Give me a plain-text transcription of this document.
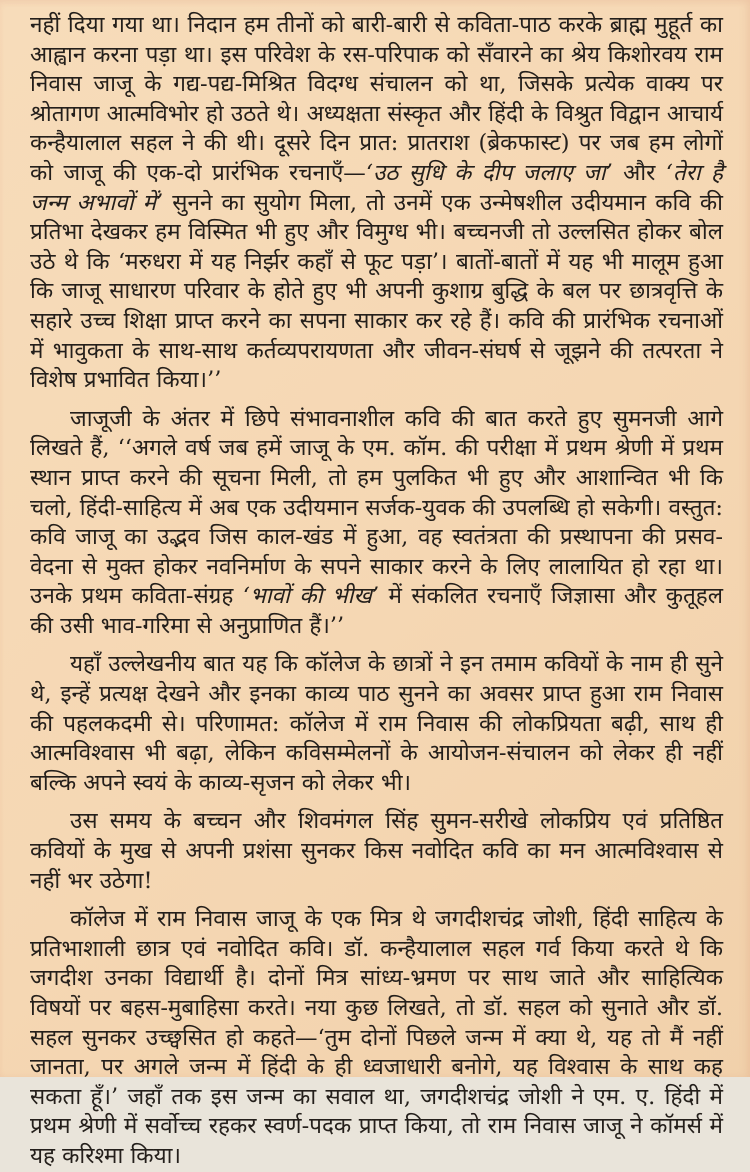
नहीं दिया गया था। निदान हम तीनों को बारी-बारी से कविता-पाठ करके ब्राह्म मुहूर्त का आह्वान करना पड़ा था। इस परिवेश के रस-परिपाक को सँवारने का श्रेय किशोरवय राम निवास जाजू के गद्य-पद्य-मिश्रित विदग्ध संचालन को था, जिसके प्रत्येक वाक्य पर श्रोतागण आत्मविभोर हो उठते थे। अध्यक्षता संस्कृत और हिंदी के विश्रुत विद्वान आचार्य कन्हैयालाल सहल ने की थी। दूसरे दिन प्रात: प्रातराश (ब्रेकफास्ट) पर जब हम लोगों को जाजू की एक-दो प्रारंभिक रचनाएँ—‘उठ सुधि के दीप जलाए जा’ और ‘तेरा है जन्म अभावों में’ सुनने का सुयोग मिला, तो उनमें एक उन्मेषशील उदीयमान कवि की प्रतिभा देखकर हम विस्मित भी हुए और विमुग्ध भी। बच्चनजी तो उल्लसित होकर बोल उठे थे कि ‘मरुधरा में यह निर्झर कहाँ से फूट पड़ा’। बातों-बातों में यह भी मालूम हुआ कि जाजू साधारण परिवार के होते हुए भी अपनी कुशाग्र बुद्धि के बल पर छात्रवृत्ति के सहारे उच्च शिक्षा प्राप्त करने का सपना साकार कर रहे हैं। कवि की प्रारंभिक रचनाओं में भावुकता के साथ-साथ कर्तव्यपरायणता और जीवन-संघर्ष से जूझने की तत्परता ने विशेष प्रभावित किया।’’

जाजूजी के अंतर में छिपे संभावनाशील कवि की बात करते हुए सुमनजी आगे लिखते हैं, ‘‘अगले वर्ष जब हमें जाजू के एम. कॉम. की परीक्षा में प्रथम श्रेणी में प्रथम स्थान प्राप्त करने की सूचना मिली, तो हम पुलकित भी हुए और आशान्वित भी कि चलो, हिंदी-साहित्य में अब एक उदीयमान सर्जक-युवक की उपलब्धि हो सकेगी। वस्तुत: कवि जाजू का उद्भव जिस काल-खंड में हुआ, वह स्वतंत्रता की प्रस्थापना की प्रसव-वेदना से मुक्त होकर नवनिर्माण के सपने साकार करने के लिए लालायित हो रहा था। उनके प्रथम कविता-संग्रह ‘भावों की भीख’ में संकलित रचनाएँ जिज्ञासा और कुतूहल की उसी भाव-गरिमा से अनुप्राणित हैं।’’

यहाँ उल्लेखनीय बात यह कि कॉलेज के छात्रों ने इन तमाम कवियों के नाम ही सुने थे, इन्हें प्रत्यक्ष देखने और इनका काव्य पाठ सुनने का अवसर प्राप्त हुआ राम निवास की पहलकदमी से। परिणामत: कॉलेज में राम निवास की लोकप्रियता बढ़ी, साथ ही आत्मविश्वास भी बढ़ा, लेकिन कविसम्मेलनों के आयोजन-संचालन को लेकर ही नहीं बल्कि अपने स्वयं के काव्य-सृजन को लेकर भी।

उस समय के बच्चन और शिवमंगल सिंह सुमन-सरीखे लोकप्रिय एवं प्रतिष्ठित कवियों के मुख से अपनी प्रशंसा सुनकर किस नवोदित कवि का मन आत्मविश्वास से नहीं भर उठेगा!

कॉलेज में राम निवास जाजू के एक मित्र थे जगदीशचंद्र जोशी, हिंदी साहित्य के प्रतिभाशाली छात्र एवं नवोदित कवि। डॉ. कन्हैयालाल सहल गर्व किया करते थे कि जगदीश उनका विद्यार्थी है। दोनों मित्र सांध्य-भ्रमण पर साथ जाते और साहित्यिक विषयों पर बहस-मुबाहिसा करते। नया कुछ लिखते, तो डॉ. सहल को सुनाते और डॉ. सहल सुनकर उच्छ्वसित हो कहते—‘तुम दोनों पिछले जन्म में क्या थे, यह तो मैं नहीं जानता, पर अगले जन्म में हिंदी के ही ध्वजाधारी बनोगे, यह विश्वास के साथ कह सकता हूँ।’ जहाँ तक इस जन्म का सवाल था, जगदीशचंद्र जोशी ने एम. ए. हिंदी में प्रथम श्रेणी में सर्वोच्च रहकर स्वर्ण-पदक प्राप्त किया, तो राम निवास जाजू ने कॉमर्स में यह करिश्मा किया।
